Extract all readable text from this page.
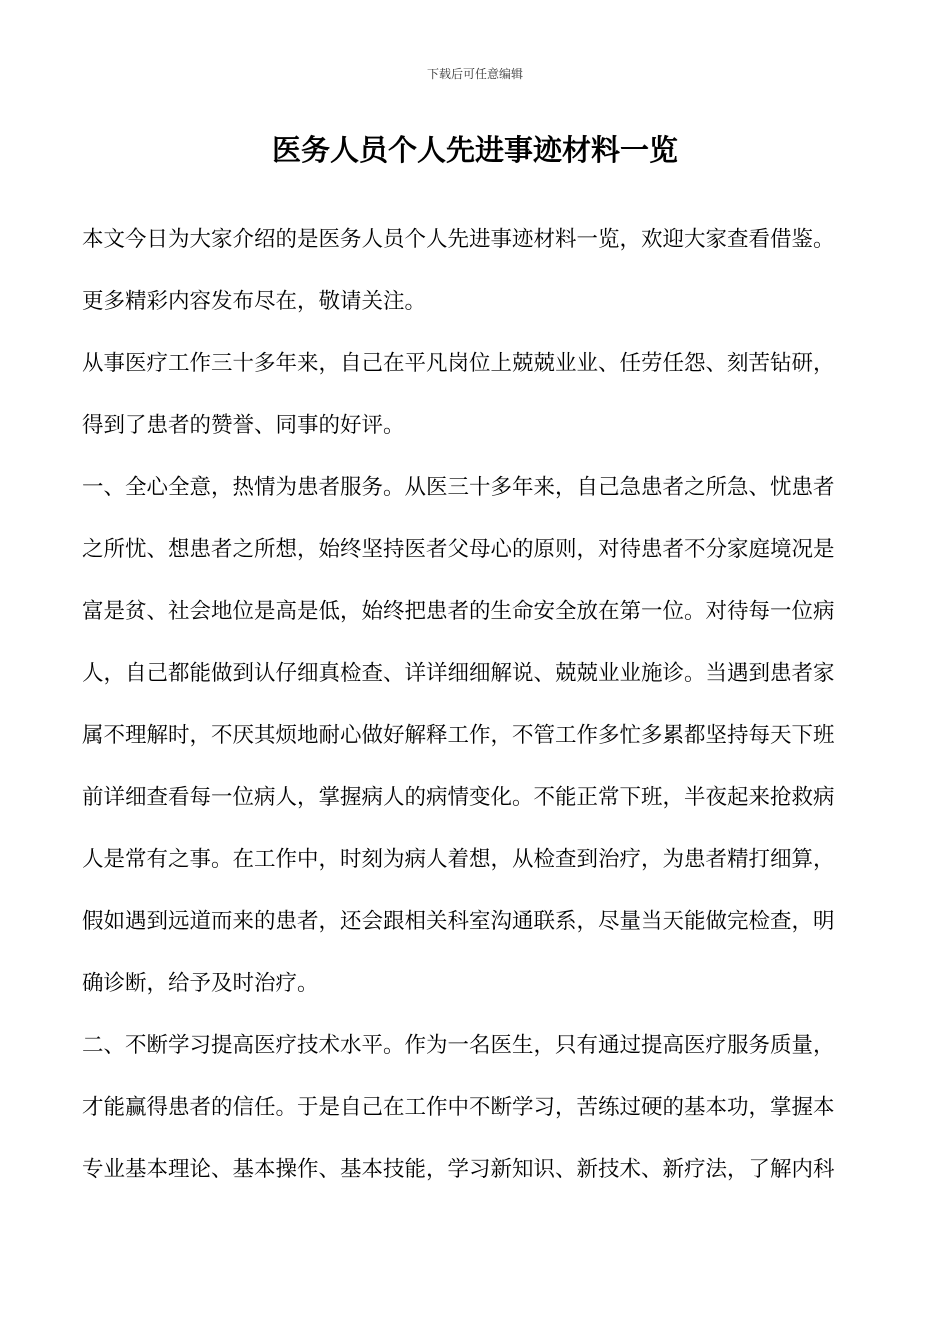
下载后可任意编辑
医务人员个人先进事迹材料一览
本文今日为大家介绍的是医务人员个人先进事迹材料一览，欢迎大家查看借鉴。
更多精彩内容发布尽在，敬请关注。
从事医疗工作三十多年来，自己在平凡岗位上兢兢业业、任劳任怨、刻苦钻研，
得到了患者的赞誉、同事的好评。
一、全心全意，热情为患者服务。从医三十多年来，自己急患者之所急、忧患者
之所忧、想患者之所想，始终坚持医者父母心的原则，对待患者不分家庭境况是
富是贫、社会地位是高是低，始终把患者的生命安全放在第一位。对待每一位病
人，自己都能做到认仔细真检查、详详细细解说、兢兢业业施诊。当遇到患者家
属不理解时，不厌其烦地耐心做好解释工作，不管工作多忙多累都坚持每天下班
前详细查看每一位病人，掌握病人的病情变化。不能正常下班，半夜起来抢救病
人是常有之事。在工作中，时刻为病人着想，从检查到治疗，为患者精打细算，
假如遇到远道而来的患者，还会跟相关科室沟通联系，尽量当天能做完检查，明
确诊断，给予及时治疗。
二、不断学习提高医疗技术水平。作为一名医生，只有通过提高医疗服务质量，
才能赢得患者的信任。于是自己在工作中不断学习，苦练过硬的基本功，掌握本
专业基本理论、基本操作、基本技能，学习新知识、新技术、新疗法，了解内科
